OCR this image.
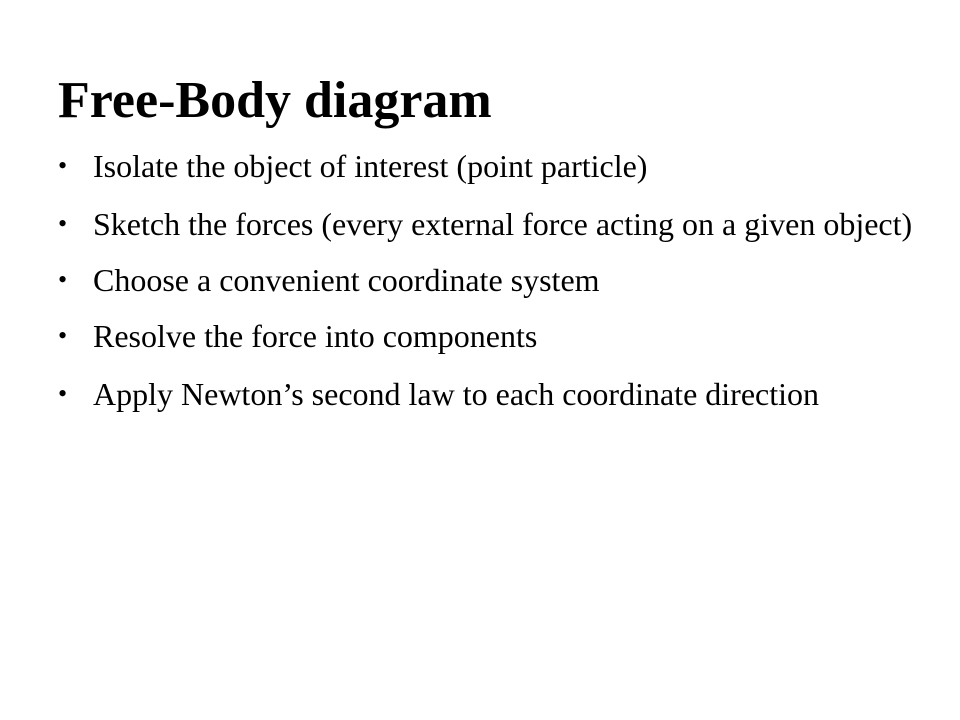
Free-Body diagram
• Isolate the object of interest (point particle)
• Sketch the forces (every external force acting on a given object)
• Choose a convenient coordinate system
• Resolve the force into components
• Apply Newton’s second law to each coordinate direction
